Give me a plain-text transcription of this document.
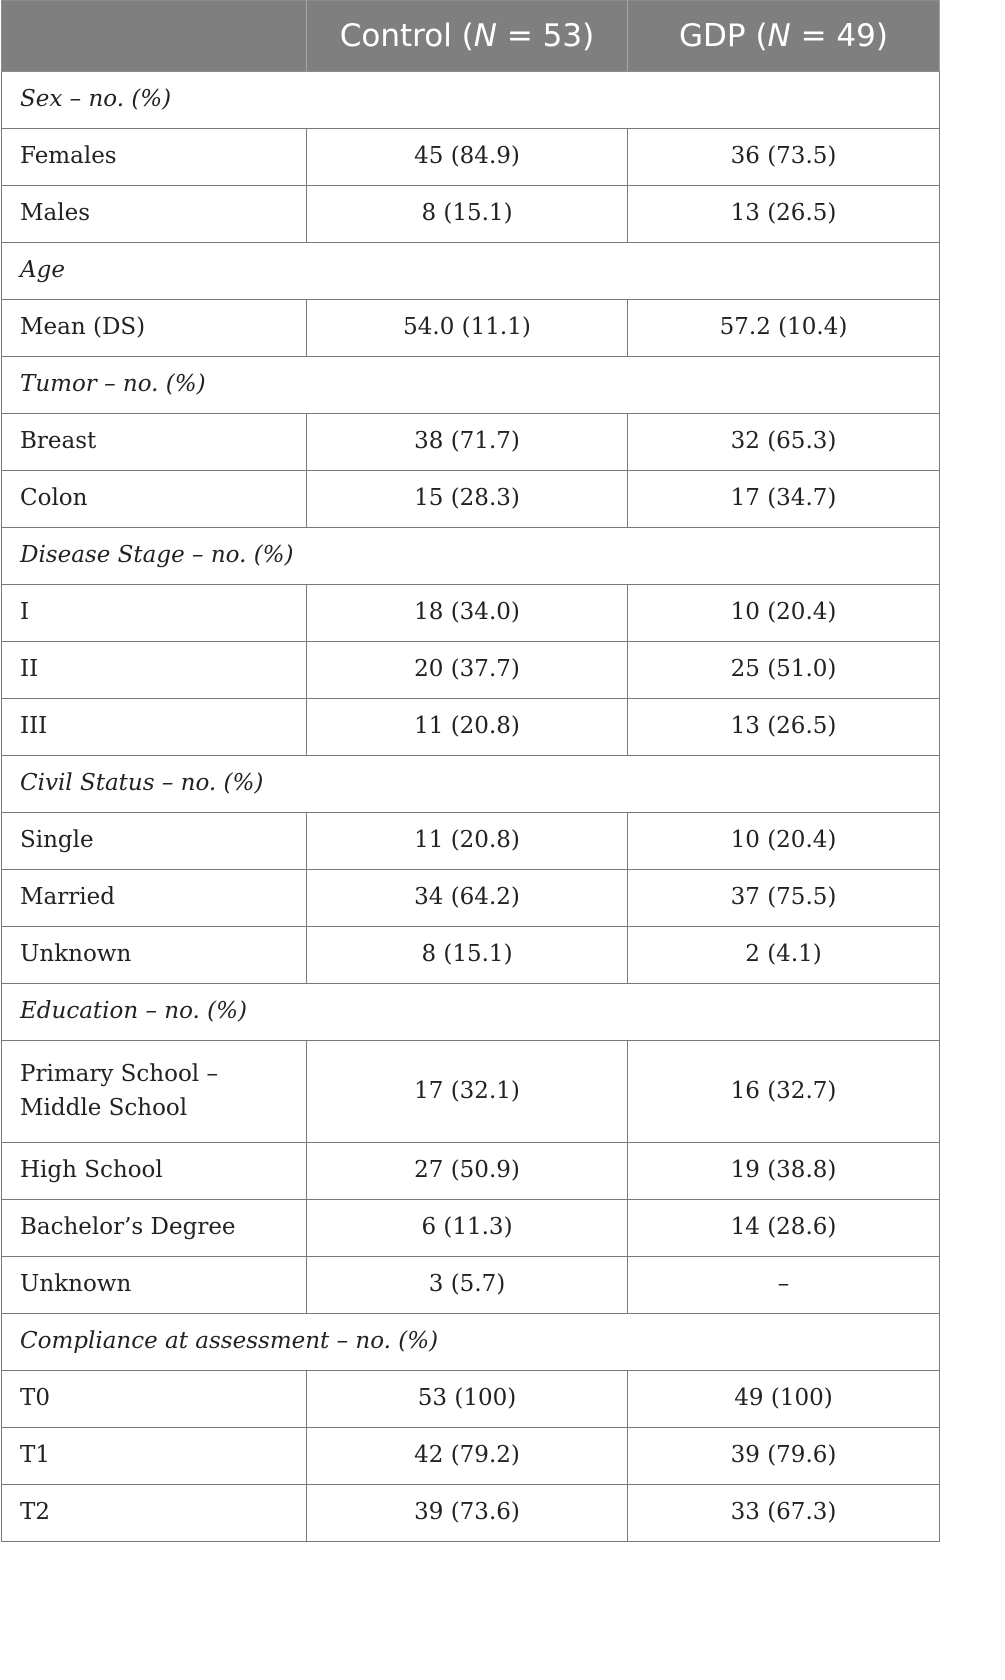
	Control (N = 53)	GDP (N = 49)
Sex – no. (%)		
Females	45 (84.9)	36 (73.5)
Males	8 (15.1)	13 (26.5)
Age		
Mean (DS)	54.0 (11.1)	57.2 (10.4)
Tumor – no. (%)		
Breast	38 (71.7)	32 (65.3)
Colon	15 (28.3)	17 (34.7)
Disease Stage – no. (%)		
I	18 (34.0)	10 (20.4)
II	20 (37.7)	25 (51.0)
III	11 (20.8)	13 (26.5)
Civil Status – no. (%)		
Single	11 (20.8)	10 (20.4)
Married	34 (64.2)	37 (75.5)
Unknown	8 (15.1)	2 (4.1)
Education – no. (%)		

Primary School –
Middle School	17 (32.1)	16 (32.7)
High School	27 (50.9)	19 (38.8)
Bachelor’s Degree	6 (11.3)	14 (28.6)
Unknown	3 (5.7)	–
Compliance at assessment – no. (%)		
T0	53 (100)	49 (100)
T1	42 (79.2)	39 (79.6)
T2	39 (73.6)	33 (67.3)
